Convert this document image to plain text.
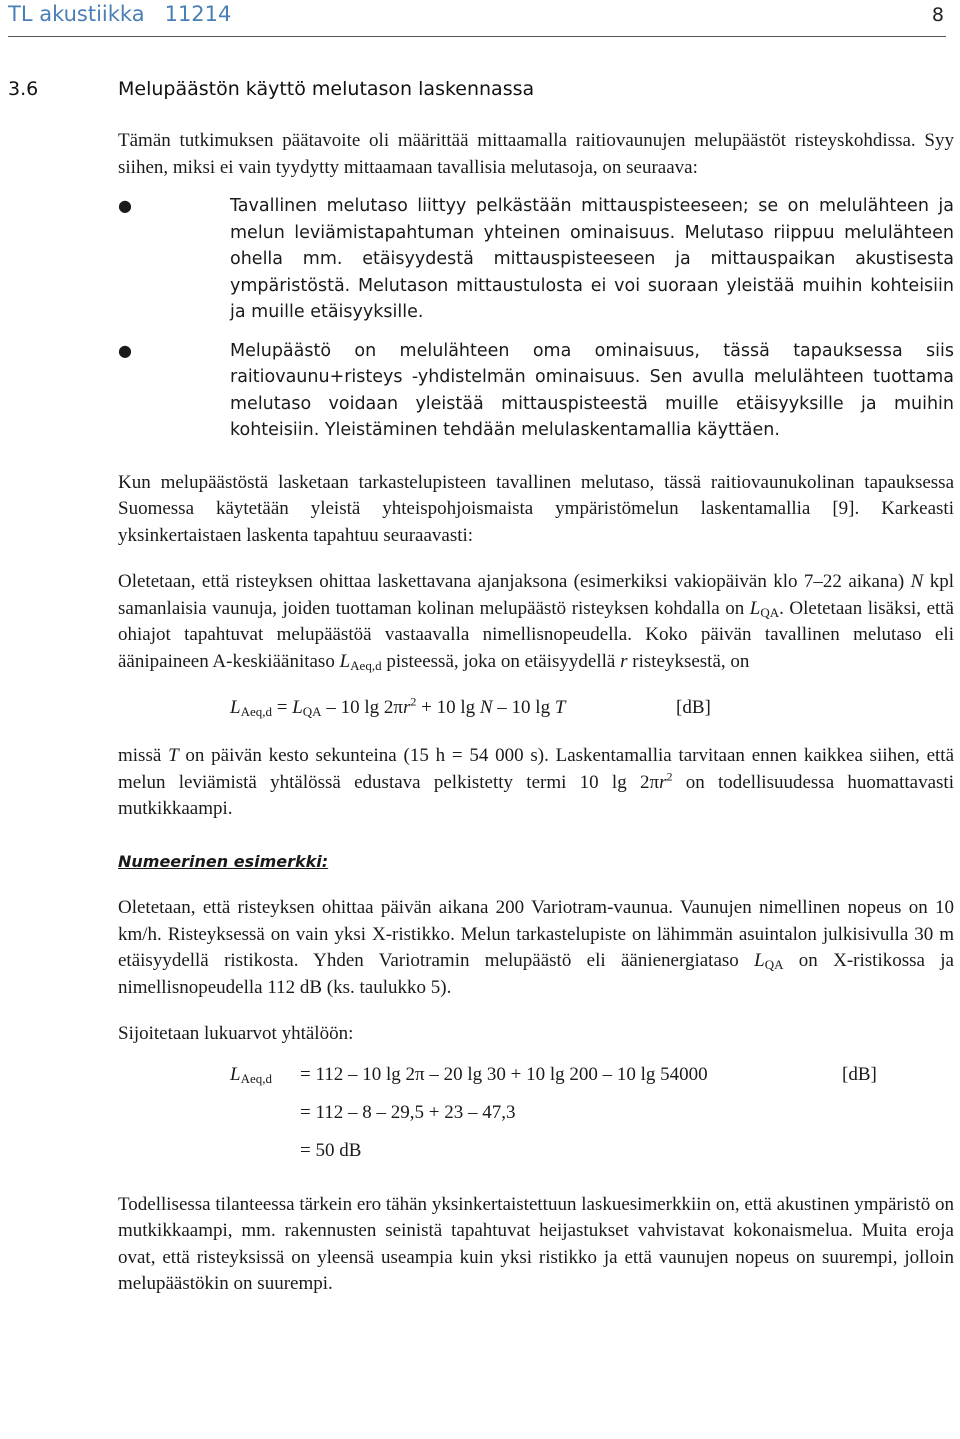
TL akustiikka   11214	8
3.6	Melupäästön käyttö melutason laskennassa

Tämän tutkimuksen päätavoite oli määrittää mittaamalla raitiovaunujen melupäästöt risteyskohdissa. Syy siihen, miksi ei vain tyydytty mittaamaan tavallisia melutasoja, on seuraava:

●	Tavallinen melutaso liittyy pelkästään mittauspisteeseen; se on melulähteen ja melun leviämistapahtuman yhteinen ominaisuus. Melutaso riippuu melulähteen ohella mm. etäisyydestä mittauspisteeseen ja mittauspaikan akustisesta ympäristöstä. Melutason mittaustulosta ei voi suoraan yleistää muihin kohteisiin ja muille etäisyyksille.

●	Melupäästö on melulähteen oma ominaisuus, tässä tapauksessa siis raitiovaunu+risteys -yhdistelmän ominaisuus. Sen avulla melulähteen tuottama melutaso voidaan yleistää mittauspisteestä muille etäisyyksille ja muihin kohteisiin. Yleistäminen tehdään melulaskentamallia käyttäen.

Kun melupäästöstä lasketaan tarkastelupisteen tavallinen melutaso, tässä raitiovaunukolinan tapauksessa Suomessa käytetään yleistä yhteispohjoismaista ympäristömelun laskentamallia [9]. Karkeasti yksinkertaistaen laskenta tapahtuu seuraavasti:

Oletetaan, että risteyksen ohittaa laskettavana ajanjaksona (esimerkiksi vakiopäivän klo 7–22 aikana) N kpl samanlaisia vaunuja, joiden tuottaman kolinan melupäästö risteyksen kohdalla on $L_{QA}$. Oletetaan lisäksi, että ohiajot tapahtuvat melupäästöä vastaavalla nimellisnopeudella. Koko päivän tavallinen melutaso eli äänipaineen A-keskiäänitaso $L_{Aeq,d}$ pisteessä, joka on etäisyydellä r risteyksestä, on

$L_{Aeq,d} = L_{QA} - 10$ $\lg 2\pi r^2 + 10$ lg N – 10 lg T	[dB]

missä T on päivän kesto sekunteina (15 h = 54 000 s). Laskentamallia tarvitaan ennen kaikkea siihen, että melun leviämistä yhtälössä edustava pelkistetty termi 10 $\lg 2\pi r^2$ on todellisuudessa huomattavasti mutkikkaampi.

Numeerinen esimerkki:

Oletetaan, että risteyksen ohittaa päivän aikana 200 Variotram-vaunua. Vaunujen nimellinen nopeus on 10 km/h. Risteyksessä on vain yksi X-ristikko. Melun tarkastelupiste on lähimmän asuintalon julkisivulla 30 m etäisyydellä ristikosta. Yhden Variotramin melupäästö eli äänienergiataso $L_{QA}$ on X-ristikossa ja nimellisnopeudella 112 dB (ks. taulukko 5).

Sijoitetaan lukuarvot yhtälöön:

$L_{Aeq,d} = 112 - 10$ lg 2π – 20 lg 30 + 10 lg 200 – 10 lg 54000	[dB]
= 112 – 8 – 29,5 + 23 – 47,3
= 50 dB

Todellisessa tilanteessa tärkein ero tähän yksinkertaistettuun laskuesimerkkiin on, että akustinen ympäristö on mutkikkaampi, mm. rakennusten seinistä tapahtuvat heijastukset vahvistavat kokonaismelua. Muita eroja ovat, että risteyksissä on yleensä useampia kuin yksi ristikko ja että vaunujen nopeus on suurempi, jolloin melupäästökin on suurempi.
